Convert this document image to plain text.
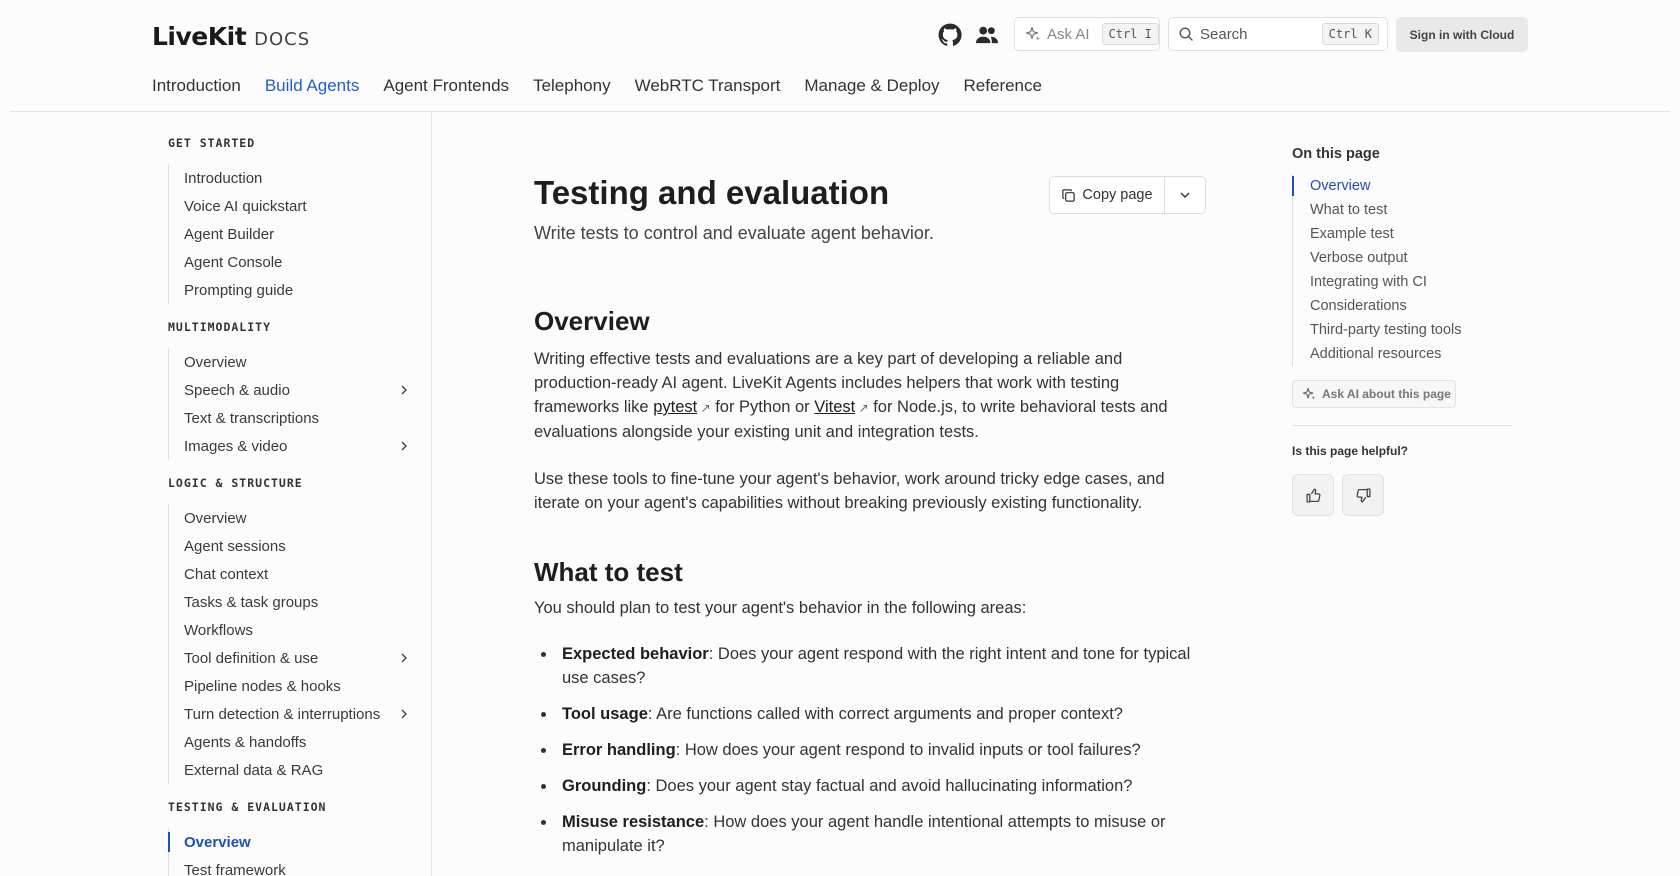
LiveKit DOCS	Ask AI	Ctrl I	Search	Ctrl K	Sign in with Cloud
Introduction Build Agents Agent Frontends Telephony WebRTC Transport Manage & Deploy Reference
GET STARTED
Introduction
Voice AI quickstart
Agent Builder
Agent Console
Prompting guide
MULTIMODALITY
Overview
Speech & audio
Text & transcriptions
Images & video
LOGIC & STRUCTURE
Overview
Agent sessions
Chat context
Tasks & task groups
Workflows
Tool definition & use
Pipeline nodes & hooks
Turn detection & interruptions
Agents & handoffs
External data & RAG
TESTING & EVALUATION
Overview
Test framework
Testing and evaluation

Write tests to control and evaluate agent behavior.

Copy page
Overview

Writing effective tests and evaluations are a key part of developing a reliable and production-ready AI agent. LiveKit Agents includes helpers that work with testing frameworks like pytest ↗ for Python or Vitest ↗ for Node.js, to write behavioral tests and evaluations alongside your existing unit and integration tests.

Use these tools to fine-tune your agent's behavior, work around tricky edge cases, and iterate on your agent's capabilities without breaking previously existing functionality.

What to test

You should plan to test your agent's behavior in the following areas:

Expected behavior: Does your agent respond with the right intent and tone for typical use cases?
Tool usage: Are functions called with correct arguments and proper context?
Error handling: How does your agent respond to invalid inputs or tool failures?
Grounding: Does your agent stay factual and avoid hallucinating information?
Misuse resistance: How does your agent handle intentional attempts to misuse or manipulate it?
On this page
Overview
What to test
Example test
Verbose output
Integrating with CI
Considerations
Third-party testing tools
Additional resources
Ask AI about this page
Is this page helpful?
